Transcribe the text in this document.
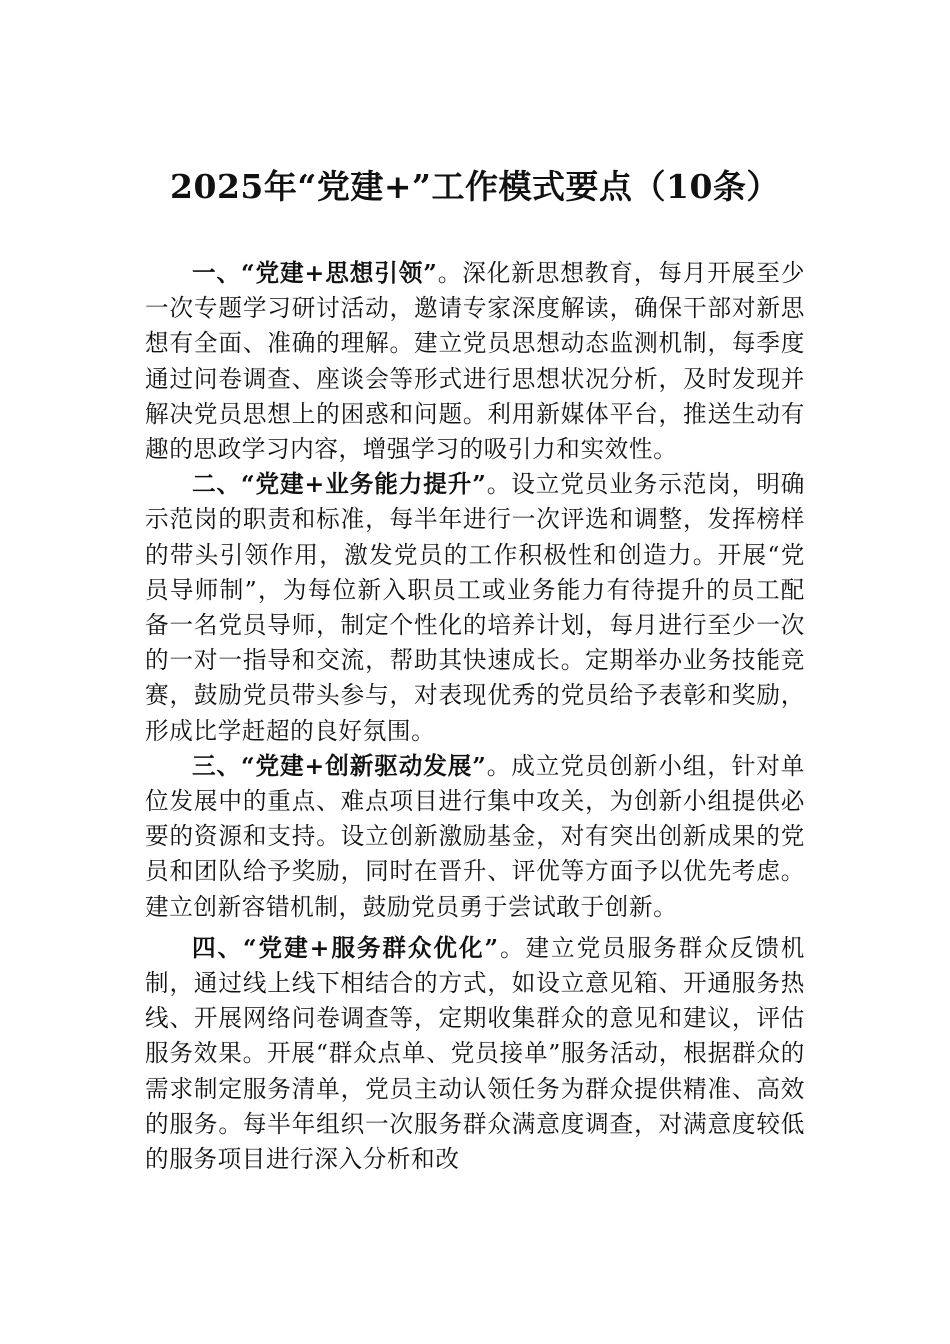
2025年“党建+”工作模式要点（10条）

一、“党建+思想引领”。深化新思想教育，每月开展至少一次专题学习研讨活动，邀请专家深度解读，确保干部对新思想有全面、准确的理解。建立党员思想动态监测机制，每季度通过问卷调查、座谈会等形式进行思想状况分析，及时发现并解决党员思想上的困惑和问题。利用新媒体平台，推送生动有趣的思政学习内容，增强学习的吸引力和实效性。

二、“党建+业务能力提升”。设立党员业务示范岗，明确示范岗的职责和标准，每半年进行一次评选和调整，发挥榜样的带头引领作用，激发党员的工作积极性和创造力。开展“党员导师制”，为每位新入职员工或业务能力有待提升的员工配备一名党员导师，制定个性化的培养计划，每月进行至少一次的一对一指导和交流，帮助其快速成长。定期举办业务技能竞赛，鼓励党员带头参与，对表现优秀的党员给予表彰和奖励，形成比学赶超的良好氛围。

三、“党建+创新驱动发展”。成立党员创新小组，针对单位发展中的重点、难点项目进行集中攻关，为创新小组提供必要的资源和支持。设立创新激励基金，对有突出创新成果的党员和团队给予奖励，同时在晋升、评优等方面予以优先考虑。建立创新容错机制，鼓励党员勇于尝试敢于创新。

四、“党建+服务群众优化”。建立党员服务群众反馈机制，通过线上线下相结合的方式，如设立意见箱、开通服务热线、开展网络问卷调查等，定期收集群众的意见和建议，评估服务效果。开展“群众点单、党员接单”服务活动，根据群众的需求制定服务清单，党员主动认领任务为群众提供精准、高效的服务。每半年组织一次服务群众满意度调查，对满意度较低的服务项目进行深入分析和改
